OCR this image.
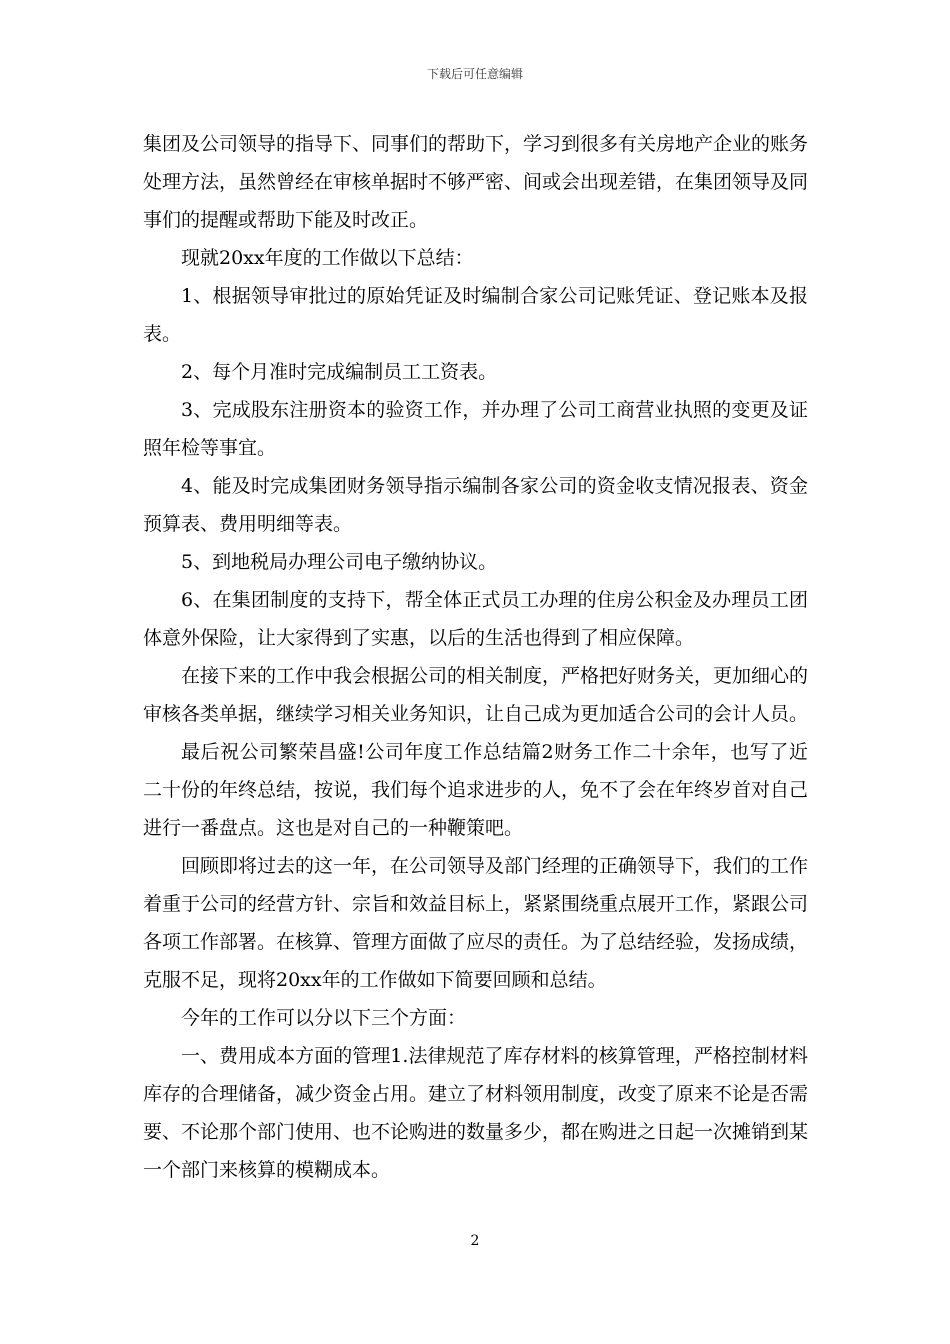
下载后可任意编辑

集团及公司领导的指导下、同事们的帮助下，学习到很多有关房地产企业的账务处理方法，虽然曾经在审核单据时不够严密、间或会出现差错，在集团领导及同事们的提醒或帮助下能及时改正。

现就20xx年度的工作做以下总结：

1、根据领导审批过的原始凭证及时编制合家公司记账凭证、登记账本及报表。

2、每个月准时完成编制员工工资表。

3、完成股东注册资本的验资工作，并办理了公司工商营业执照的变更及证照年检等事宜。

4、能及时完成集团财务领导指示编制各家公司的资金收支情况报表、资金预算表、费用明细等表。

5、到地税局办理公司电子缴纳协议。

6、在集团制度的支持下，帮全体正式员工办理的住房公积金及办理员工团体意外保险，让大家得到了实惠，以后的生活也得到了相应保障。

在接下来的工作中我会根据公司的相关制度，严格把好财务关，更加细心的审核各类单据，继续学习相关业务知识，让自己成为更加适合公司的会计人员。

最后祝公司繁荣昌盛!公司年度工作总结篇2财务工作二十余年，也写了近二十份的年终总结，按说，我们每个追求进步的人，免不了会在年终岁首对自己进行一番盘点。这也是对自己的一种鞭策吧。

回顾即将过去的这一年，在公司领导及部门经理的正确领导下，我们的工作着重于公司的经营方针、宗旨和效益目标上，紧紧围绕重点展开工作，紧跟公司各项工作部署。在核算、管理方面做了应尽的责任。为了总结经验，发扬成绩，克服不足，现将20xx年的工作做如下简要回顾和总结。

今年的工作可以分以下三个方面：

一、费用成本方面的管理1.法律规范了库存材料的核算管理，严格控制材料库存的合理储备，减少资金占用。建立了材料领用制度，改变了原来不论是否需要、不论那个部门使用、也不论购进的数量多少，都在购进之日起一次摊销到某一个部门来核算的模糊成本。

2
